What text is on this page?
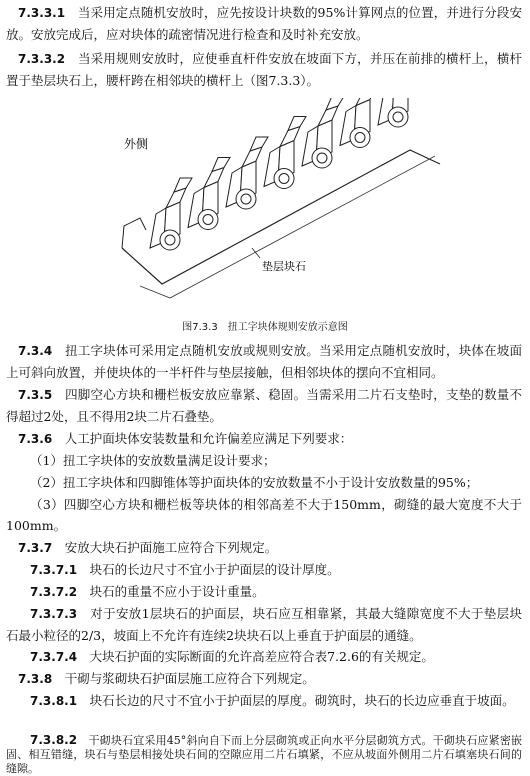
7.3.3.1　 当采用定点随机安放时，应先按设计块数的95%计算网点的位置，并进行分段安放。安放完成后，应对块体的疏密情况进行检查和及时补充安放。

7.3.3.2　 当采用规则安放时，应使垂直杆件安放在坡面下方，并压在前排的横杆上，横杆置于垫层块石上，腰杆跨在相邻块的横杆上（图7.3.3）。

外侧
垫层块石
图7.3.3　扭工字块体规则安放示意图

7.3.4　 扭工字块体可采用定点随机安放或规则安放。当采用定点随机安放时，块体在坡面上可斜向放置，并使块体的一半杆件与垫层接触，但相邻块体的摆向不宜相同。

7.3.5　 四脚空心方块和栅栏板安放应靠紧、稳固。当需采用二片石支垫时，支垫的数量不得超过2处，且不得用2块二片石叠垫。

7.3.6　 人工护面块体安装数量和允许偏差应满足下列要求：

（1）扭工字块体的安放数量满足设计要求；

（2）扭工字块体和四脚锥体等护面块体的安放数量不小于设计安放数量的95%；

（3）四脚空心方块和栅栏板等块体的相邻高差不大于150mm，砌缝的最大宽度不大于100mm。

7.3.7　 安放大块石护面施工应符合下列规定。

7.3.7.1　 块石的长边尺寸不宜小于护面层的设计厚度。

7.3.7.2　 块石的重量不应小于设计重量。

7.3.7.3　 对于安放1层块石的护面层，块石应互相靠紧，其最大缝隙宽度不大于垫层块石最小粒径的2/3，坡面上不允许有连续2块块石以上垂直于护面层的通缝。

7.3.7.4　 大块石护面的实际断面的允许高差应符合表7.2.6的有关规定。

7.3.8　 干砌与浆砌块石护面层施工应符合下列规定。

7.3.8.1　 块石长边的尺寸不宜小于护面层的厚度。砌筑时，块石的长边应垂直于坡面。

7.3.8.2　 干砌块石宜采用45°斜向自下而上分层砌筑或正向水平分层砌筑方式。干砌块石应紧密嵌固、相互错缝，块石与垫层相接处块石间的空隙应用二片石填紧，不应从坡面外侧用二片石填塞块石间的缝隙。
